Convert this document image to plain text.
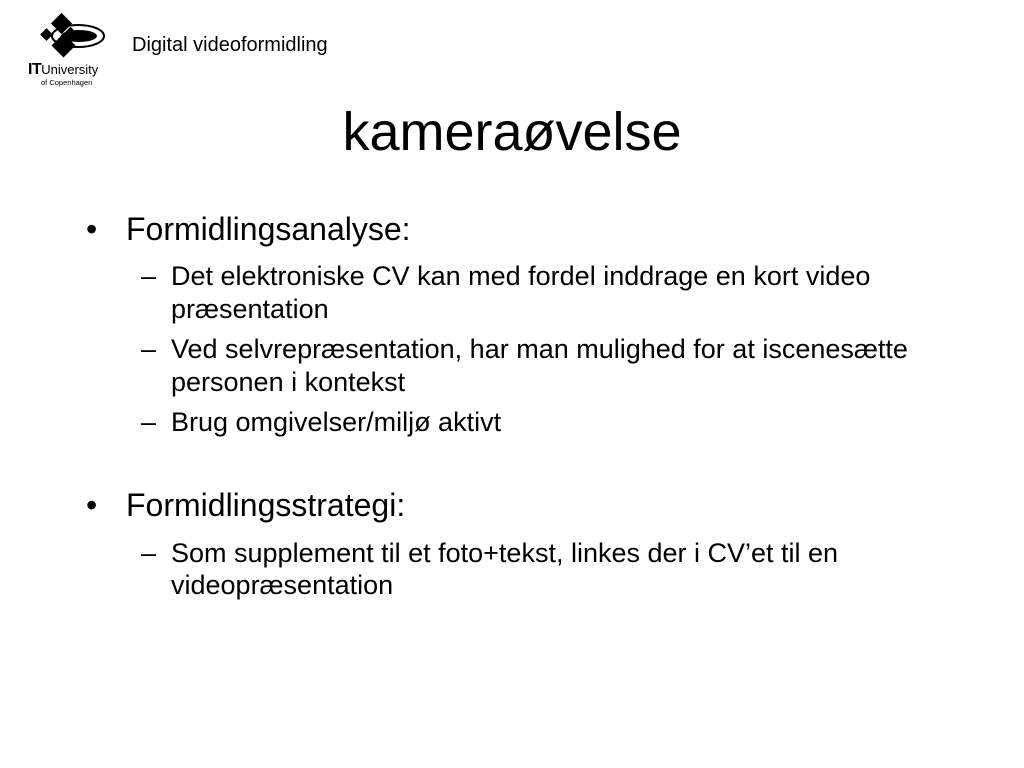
ITUniversity
of Copenhagen
Digital videoformidling
kameraøvelse
• Formidlingsanalyse:
– Det elektroniske CV kan med fordel inddrage en kort video præsentation
– Ved selvrepræsentation, har man mulighed for at iscenesætte personen i kontekst
– Brug omgivelser/miljø aktivt
• Formidlingsstrategi:
– Som supplement til et foto+tekst, linkes der i CV’et til en videopræsentation
